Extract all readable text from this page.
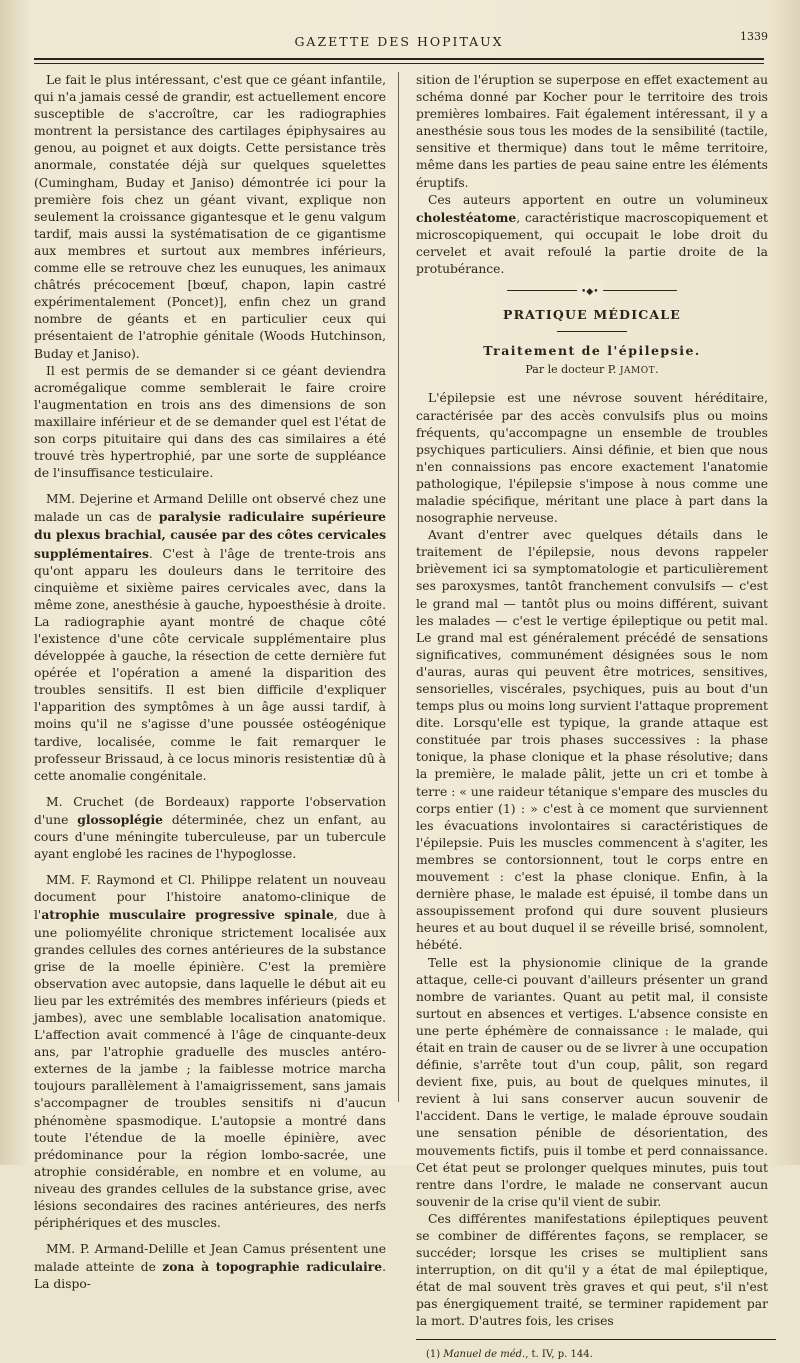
GAZETTE DES HOPITAUX	1339

Le fait le plus intéressant, c'est que ce géant infantile, qui n'a jamais cessé de grandir, est actuellement encore susceptible de s'accroître, car les radiographies montrent la persistance des cartilages épiphysaires au genou, au poignet et aux doigts. Cette persistance très anormale, constatée déjà sur quelques squelettes (Cumingham, Buday et Janiso) démontrée ici pour la première fois chez un géant vivant, explique non seulement la croissance gigantesque et le genu valgum tardif, mais aussi la systématisation de ce gigantisme aux membres et surtout aux membres inférieurs, comme elle se retrouve chez les eunuques, les animaux châtrés précocement [bœuf, chapon, lapin castré expérimentalement (Poncet)], enfin chez un grand nombre de géants et en particulier ceux qui présentaient de l'atrophie génitale (Woods Hutchinson, Buday et Janiso).

Il est permis de se demander si ce géant deviendra acromégalique comme semblerait le faire croire l'augmentation en trois ans des dimensions de son maxillaire inférieur et de se demander quel est l'état de son corps pituitaire qui dans des cas similaires a été trouvé très hypertrophié, par une sorte de suppléance de l'insuffisance testiculaire.

MM. Dejerine et Armand Delille ont observé chez une malade un cas de paralysie radiculaire supérieure du plexus brachial, causée par des côtes cervicales supplémentaires. C'est à l'âge de trente-trois ans qu'ont apparu les douleurs dans le territoire des cinquième et sixième paires cervicales avec, dans la même zone, anesthésie à gauche, hypoesthésie à droite. La radiographie ayant montré de chaque côté l'existence d'une côte cervicale supplémentaire plus développée à gauche, la résection de cette dernière fut opérée et l'opération a amené la disparition des troubles sensitifs. Il est bien difficile d'expliquer l'apparition des symptômes à un âge aussi tardif, à moins qu'il ne s'agisse d'une poussée ostéogénique tardive, localisée, comme le fait remarquer le professeur Brissaud, à ce locus minoris resistentiæ dû à cette anomalie congénitale.

M. Cruchet (de Bordeaux) rapporte l'observation d'une glossoplégie déterminée, chez un enfant, au cours d'une méningite tuberculeuse, par un tubercule ayant englobé les racines de l'hypoglosse.

MM. F. Raymond et Cl. Philippe relatent un nouveau document pour l'histoire anatomo-clinique de l'atrophie musculaire progressive spinale, due à une poliomyélite chronique strictement localisée aux grandes cellules des cornes antérieures de la substance grise de la moelle épinière. C'est la première observation avec autopsie, dans laquelle le début ait eu lieu par les extrémités des membres inférieurs (pieds et jambes), avec une semblable localisation anatomique. L'affection avait commencé à l'âge de cinquante-deux ans, par l'atrophie graduelle des muscles antéro-externes de la jambe ; la faiblesse motrice marcha toujours parallèlement à l'amaigrissement, sans jamais s'accompagner de troubles sensitifs ni d'aucun phénomène spasmodique. L'autopsie a montré dans toute l'étendue de la moelle épinière, avec prédominance pour la région lombo-sacrée, une atrophie considérable, en nombre et en volume, au niveau des grandes cellules de la substance grise, avec lésions secondaires des racines antérieures, des nerfs périphériques et des muscles.

MM. P. Armand-Delille et Jean Camus présentent une malade atteinte de zona à topographie radiculaire. La dispo-

sition de l'éruption se superpose en effet exactement au schéma donné par Kocher pour le territoire des trois premières lombaires. Fait également intéressant, il y a anesthésie sous tous les modes de la sensibilité (tactile, sensitive et thermique) dans tout le même territoire, même dans les parties de peau saine entre les éléments éruptifs.

Ces auteurs apportent en outre un volumineux cholestéatome, caractéristique macroscopiquement et microscopiquement, qui occupait le lobe droit du cervelet et avait refoulé la partie droite de la protubérance.

•◆•
PRATIQUE MÉDICALE
Traitement de l'épilepsie.
Par le docteur P. JAMOT.

L'épilepsie est une névrose souvent héréditaire, caractérisée par des accès convulsifs plus ou moins fréquents, qu'accompagne un ensemble de troubles psychiques particuliers. Ainsi définie, et bien que nous n'en connaissions pas encore exactement l'anatomie pathologique, l'épilepsie s'impose à nous comme une maladie spécifique, méritant une place à part dans la nosographie nerveuse.

Avant d'entrer avec quelques détails dans le traitement de l'épilepsie, nous devons rappeler brièvement ici sa symptomatologie et particulièrement ses paroxysmes, tantôt franchement convulsifs — c'est le grand mal — tantôt plus ou moins différent, suivant les malades — c'est le vertige épileptique ou petit mal. Le grand mal est généralement précédé de sensations significatives, communément désignées sous le nom d'auras, auras qui peuvent être motrices, sensitives, sensorielles, viscérales, psychiques, puis au bout d'un temps plus ou moins long survient l'attaque proprement dite. Lorsqu'elle est typique, la grande attaque est constituée par trois phases successives : la phase tonique, la phase clonique et la phase résolutive; dans la première, le malade pâlit, jette un cri et tombe à terre : « une raideur tétanique s'empare des muscles du corps entier (1) : » c'est à ce moment que surviennent les évacuations involontaires si caractéristiques de l'épilepsie. Puis les muscles commencent à s'agiter, les membres se contorsionnent, tout le corps entre en mouvement : c'est la phase clonique. Enfin, à la dernière phase, le malade est épuisé, il tombe dans un assoupissement profond qui dure souvent plusieurs heures et au bout duquel il se réveille brisé, somnolent, hébété.

Telle est la physionomie clinique de la grande attaque, celle-ci pouvant d'ailleurs présenter un grand nombre de variantes. Quant au petit mal, il consiste surtout en absences et vertiges. L'absence consiste en une perte éphémère de connaissance : le malade, qui était en train de causer ou de se livrer à une occupation définie, s'arrête tout d'un coup, pâlit, son regard devient fixe, puis, au bout de quelques minutes, il revient à lui sans conserver aucun souvenir de l'accident. Dans le vertige, le malade éprouve soudain une sensation pénible de désorientation, des mouvements fictifs, puis il tombe et perd connaissance. Cet état peut se prolonger quelques minutes, puis tout rentre dans l'ordre, le malade ne conservant aucun souvenir de la crise qu'il vient de subir.

Ces différentes manifestations épileptiques peuvent se combiner de différentes façons, se remplacer, se succéder; lorsque les crises se multiplient sans interruption, on dit qu'il y a état de mal épileptique, état de mal souvent très graves et qui peut, s'il n'est pas énergiquement traité, se terminer rapidement par la mort. D'autres fois, les crises

(1) Manuel de méd., t. IV, p. 144.
